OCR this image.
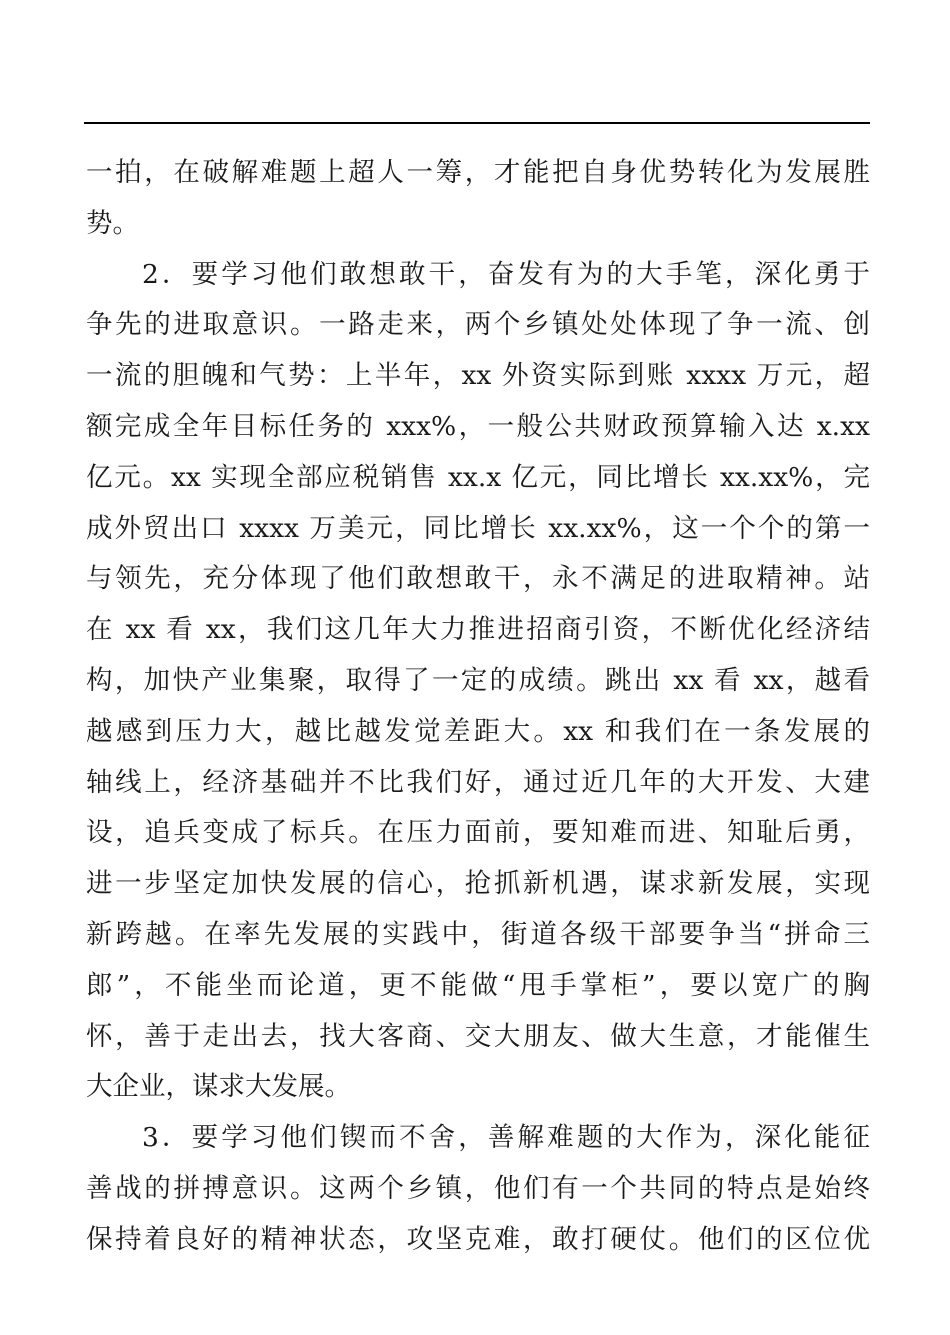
一拍，在破解难题上超人一筹，才能把自身优势转化为发展胜
势。
2．要学习他们敢想敢干，奋发有为的大手笔，深化勇于
争先的进取意识。一路走来，两个乡镇处处体现了争一流、创
一流的胆魄和气势：上半年，xx 外资实际到账 xxxx 万元，超
额完成全年目标任务的 xxx%，一般公共财政预算输入达 x.xx
亿元。xx 实现全部应税销售 xx.x 亿元，同比增长 xx.xx%，完
成外贸出口 xxxx 万美元，同比增长 xx.xx%，这一个个的第一
与领先，充分体现了他们敢想敢干，永不满足的进取精神。站
在 xx 看 xx，我们这几年大力推进招商引资，不断优化经济结
构，加快产业集聚，取得了一定的成绩。跳出 xx 看 xx，越看
越感到压力大，越比越发觉差距大。xx 和我们在一条发展的
轴线上，经济基础并不比我们好，通过近几年的大开发、大建
设，追兵变成了标兵。在压力面前，要知难而进、知耻后勇，
进一步坚定加快发展的信心，抢抓新机遇，谋求新发展，实现
新跨越。在率先发展的实践中，街道各级干部要争当“拼命三
郎”，不能坐而论道，更不能做“甩手掌柜”，要以宽广的胸
怀，善于走出去，找大客商、交大朋友、做大生意，才能催生
大企业，谋求大发展。
3．要学习他们锲而不舍，善解难题的大作为，深化能征
善战的拼搏意识。这两个乡镇，他们有一个共同的特点是始终
保持着良好的精神状态，攻坚克难，敢打硬仗。他们的区位优
